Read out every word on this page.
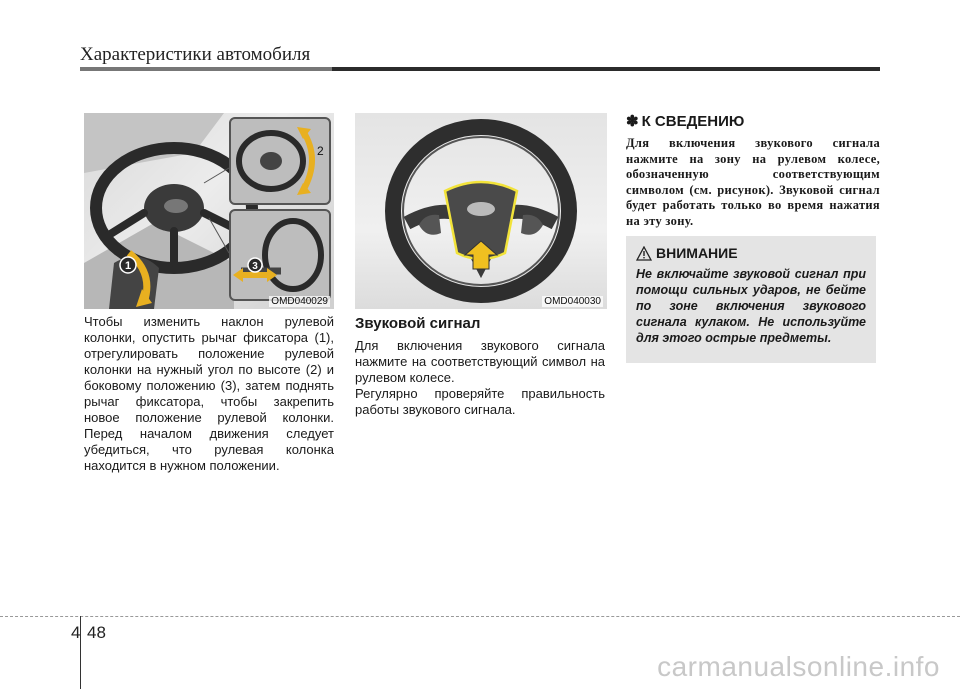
Характеристики автомобиля
1
2
3
OMD040029	OMD040030
Чтобы изменить наклон рулевой колонки, опустить рычаг фиксатора (1), отрегулировать положение рулевой колонки на нужный угол по высоте (2) и боковому положению (3), затем поднять рычаг фиксатора, чтобы закрепить новое положение рулевой колонки. Перед началом движения следует убедиться, что рулевая колонка находится в нужном положении.
Звуковой сигнал

Для включения звукового сигнала нажмите на соответствующий символ на рулевом колесе.
Регулярно проверяйте правильность работы звукового сигнала.

✽ К СВЕДЕНИЮ
Для включения звукового сигнала нажмите на зону на рулевом колесе, обозначенную соответствующим символом (см. рисунок). Звуковой сигнал будет работать только во время нажатия на эту зону.
ВНИМАНИЕ
Не включайте звуковой сигнал при помощи сильных ударов, не бейте по зоне включения звукового сигнала кулаком. Не используйте для этого острые предметы.
4 48
carmanualsonline.info
